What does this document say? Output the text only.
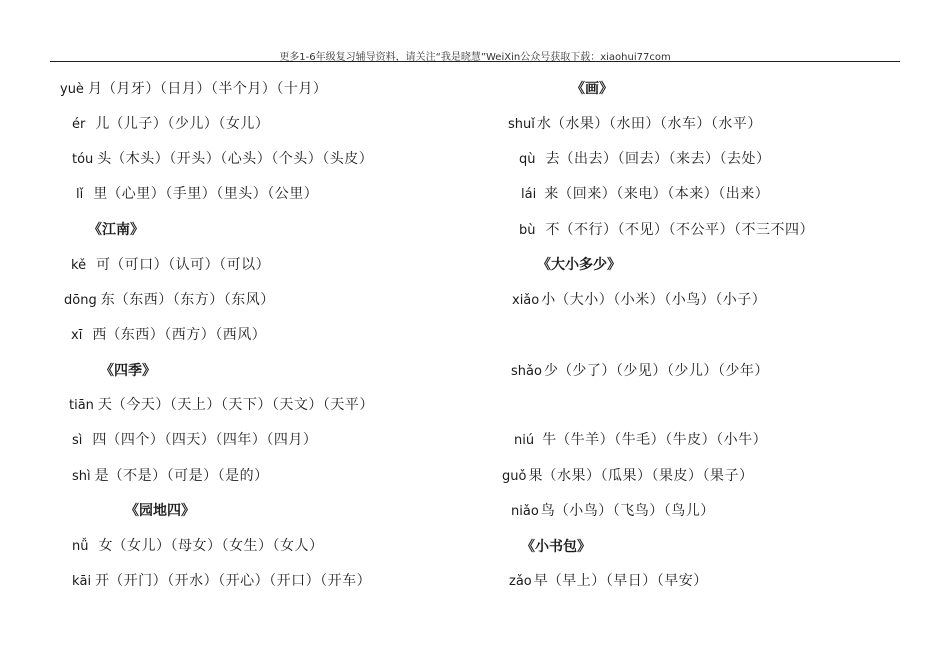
更多1-6年级复习辅导资料，请关注“我是晓慧”WeiXin公众号获取下载：xiaohui77com
yuè 月（月牙）（日月）（半个月）（十月）
ér 儿（儿子）（少儿）（女儿）
tóu 头（木头）（开头）（心头）（个头）（头皮）
lǐ 里（心里）（手里）（里头）（公里）
《江南》
kě 可（可口）（认可）（可以）
dōng 东（东西）（东方）（东风）
xī 西（东西）（西方）（西风）
《四季》
tiān 天（今天）（天上）（天下）（天文）（天平）
sì 四（四个）（四天）（四年）（四月）
shì 是（不是）（可是）（是的）
《园地四》
nǚ 女（女儿）（母女）（女生）（女人）
kāi 开（开门）（开水）（开心）（开口）（开车）
《画》
shuǐ 水（水果）（水田）（水车）（水平）
qù 去（出去）（回去）（来去）（去处）
lái 来（回来）（来电）（本来）（出来）
bù 不（不行）（不见）（不公平）（不三不四）
《大小多少》
xiǎo 小（大小）（小米）（小鸟）（小子）
shǎo 少（少了）（少见）（少儿）（少年）
niú 牛（牛羊）（牛毛）（牛皮）（小牛）
guǒ 果（水果）（瓜果）（果皮）（果子）
niǎo 鸟（小鸟）（飞鸟）（鸟儿）
《小书包》
zǎo 早（早上）（早日）（早安）
